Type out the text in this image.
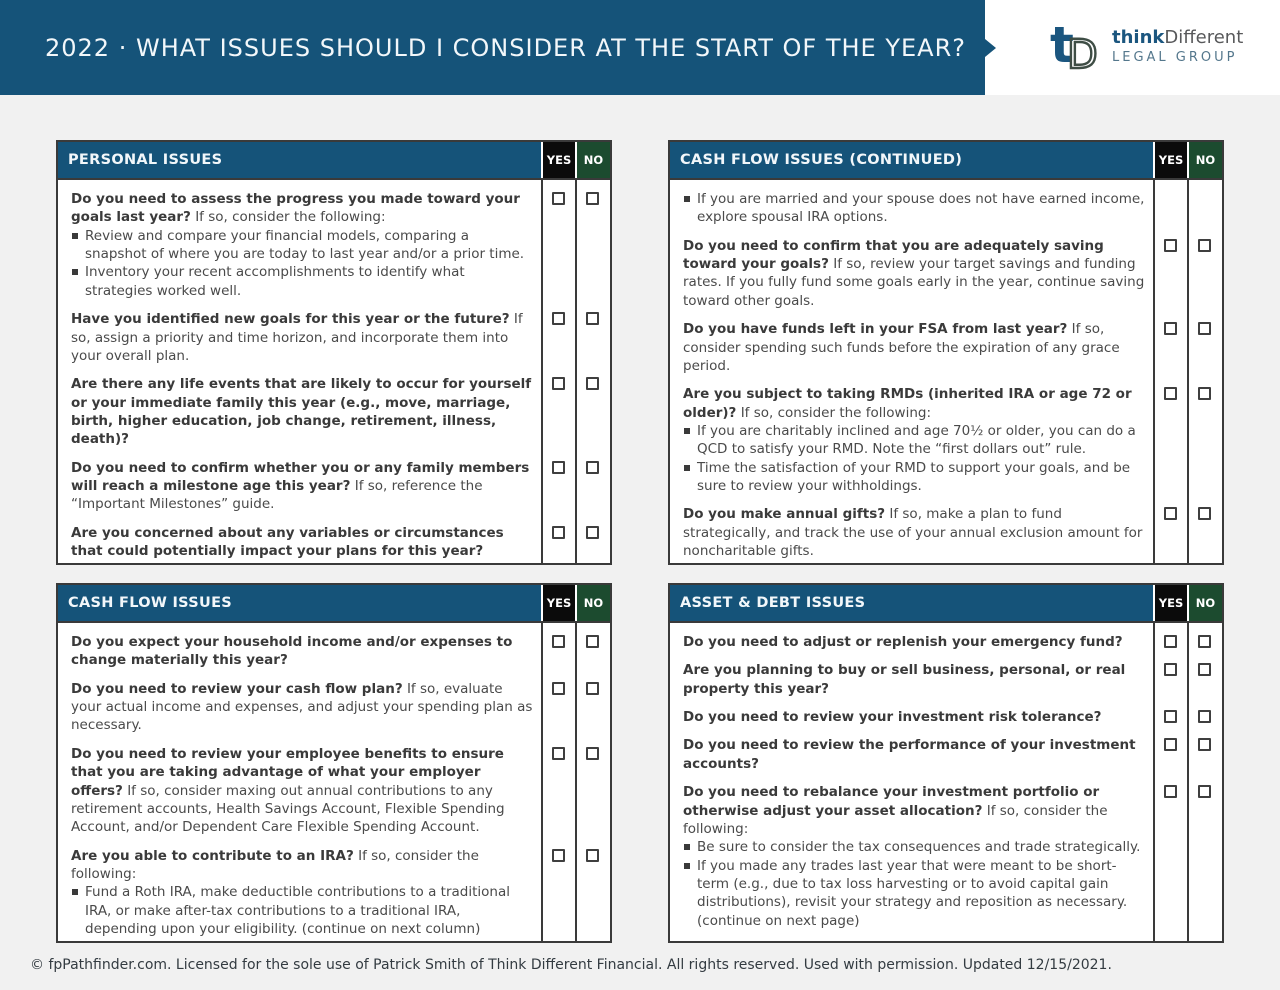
2022 · WHAT ISSUES SHOULD I CONSIDER AT THE START OF THE YEAR? t
D thinkDifferent
LEGAL GROUP
PERSONAL ISSUES	YES	NO
Do you need to assess the progress you made toward your goals last year? If so, consider the following:
Review and compare your financial models, comparing a snapshot of where you are today to last year and/or a prior time.
Inventory your recent accomplishments to identify what strategies worked well.
Have you identified new goals for this year or the future? If so, assign a priority and time horizon, and incorporate them into your overall plan.
Are there any life events that are likely to occur for yourself or your immediate family this year (e.g., move, marriage, birth, higher education, job change, retirement, illness, death)?
Do you need to confirm whether you or any family members will reach a milestone age this year? If so, reference the “Important Milestones” guide.
Are you concerned about any variables or circumstances that could potentially impact your plans for this year?
CASH FLOW ISSUES (CONTINUED)	YES	NO
If you are married and your spouse does not have earned income, explore spousal IRA options.
Do you need to confirm that you are adequately saving toward your goals? If so, review your target savings and funding rates. If you fully fund some goals early in the year, continue saving toward other goals.
Do you have funds left in your FSA from last year? If so, consider spending such funds before the expiration of any grace period.
Are you subject to taking RMDs (inherited IRA or age 72 or older)? If so, consider the following:
If you are charitably inclined and age 70½ or older, you can do a QCD to satisfy your RMD. Note the “first dollars out” rule.
Time the satisfaction of your RMD to support your goals, and be sure to review your withholdings.
Do you make annual gifts? If so, make a plan to fund strategically, and track the use of your annual exclusion amount for noncharitable gifts.
CASH FLOW ISSUES	YES	NO
Do you expect your household income and/or expenses to change materially this year?
Do you need to review your cash flow plan? If so, evaluate your actual income and expenses, and adjust your spending plan as necessary.
Do you need to review your employee benefits to ensure that you are taking advantage of what your employer offers? If so, consider maxing out annual contributions to any retirement accounts, Health Savings Account, Flexible Spending Account, and/or Dependent Care Flexible Spending Account.
Are you able to contribute to an IRA? If so, consider the following:
Fund a Roth IRA, make deductible contributions to a traditional IRA, or make after-tax contributions to a traditional IRA, depending upon your eligibility. (continue on next column)
ASSET & DEBT ISSUES	YES	NO
Do you need to adjust or replenish your emergency fund?
Are you planning to buy or sell business, personal, or real property this year?
Do you need to review your investment risk tolerance?
Do you need to review the performance of your investment accounts?
Do you need to rebalance your investment portfolio or otherwise adjust your asset allocation? If so, consider the following:
Be sure to consider the tax consequences and trade strategically.
If you made any trades last year that were meant to be short-term (e.g., due to tax loss harvesting or to avoid capital gain distributions), revisit your strategy and reposition as necessary. (continue on next page)
© fpPathfinder.com. Licensed for the sole use of Patrick Smith of Think Different Financial. All rights reserved. Used with permission. Updated 12/15/2021.
